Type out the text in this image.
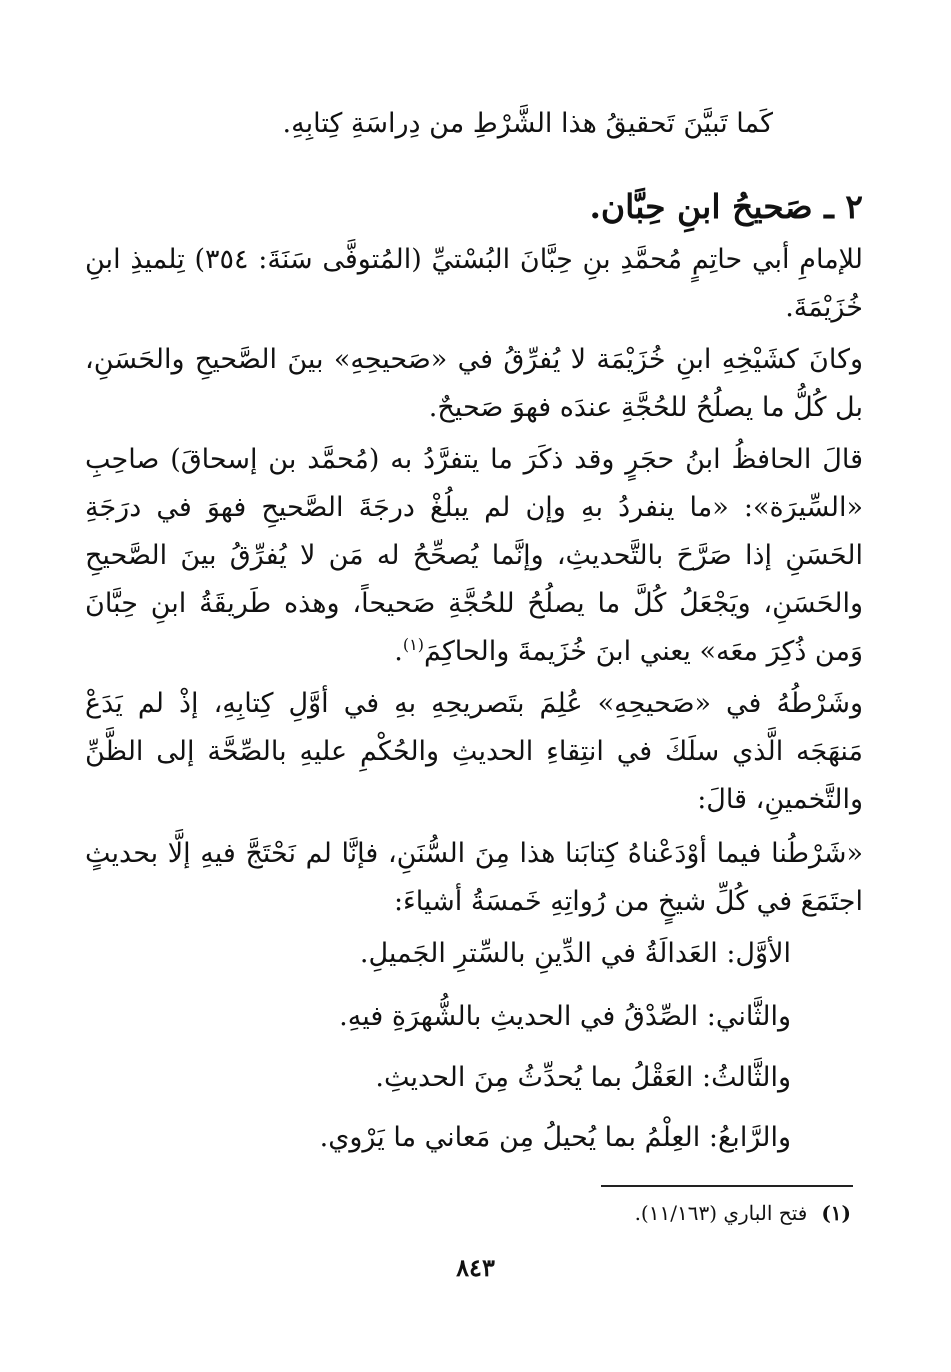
كَما تَبيَّنَ تَحقيقُ هذا الشَّرْطِ من دِراسَةِ كِتابِهِ.

٢ ـ صَحيحُ ابنِ حِبَّان.

للإمامِ أبي حاتِمٍ مُحمَّدِ بنِ حِبَّانَ البُسْتيِّ (المُتوفَّى سَنَةَ: ٣٥٤) تِلميذِ ابنِ خُزَيْمَةَ.

وكانَ كشَيْخِهِ ابنِ خُزَيْمَة لا يُفرِّقُ في «صَحيحِهِ» بينَ الصَّحيحِ والحَسَنِ، بل كُلُّ ما يصلُحُ للحُجَّةِ عندَه فهوَ صَحيحٌ.

قالَ الحافظُ ابنُ حجَرٍ وقد ذكَرَ ما يتفرَّدُ به (مُحمَّد بن إسحاقَ) صاحِبِ «السِّيرَة»: «ما ينفردُ بهِ وإن لم يبلُغْ درجَةَ الصَّحيحِ فهوَ في درَجَةِ الحَسَنِ إذا صَرَّحَ بالتَّحديثِ، وإنَّما يُصحِّحُ له مَن لا يُفرِّقُ بينَ الصَّحيحِ والحَسَنِ، ويَجْعَلُ كُلَّ ما يصلُحُ للحُجَّةِ صَحيحاً، وهذه طَريقَةُ ابنِ حِبَّانَ وَمن ذُكِرَ معَه» يعني ابنَ خُزَيمةَ والحاكِمَ$^{(١)}$.

وشَرْطُهُ في «صَحيحِهِ» عُلِمَ بتَصريحِهِ بهِ في أوَّلِ كِتابِهِ، إذْ لم يَدَعْ مَنهَجَه الَّذي سلَكَ في انتِقاءِ الحديثِ والحُكْمِ عليهِ بالصِّحَّة إلى الظَّنِّ والتَّخمينِ، قالَ:

«شَرْطُنا فيما أوْدَعْناهُ كِتابَنا هذا مِنَ السُّنَنِ، فإنَّا لم نَحْتَجَّ فيهِ إلَّا بحديثٍ اجتَمَعَ في كُلِّ شيخٍ من رُواتِهِ خَمسَةُ أشياءَ:

الأوَّل: العَدالَةُ في الدِّينِ بالسِّترِ الجَميلِ.

والثَّاني: الصِّدْقُ في الحديثِ بالشُّهرَةِ فيهِ.

والثَّالثُ: العَقْلُ بما يُحدِّثُ مِنَ الحديثِ.

والرَّابعُ: العِلْمُ بما يُحيلُ مِن مَعاني ما يَرْوي.

(١)فتح الباري (١١/١٦٣).

٨٤٣
